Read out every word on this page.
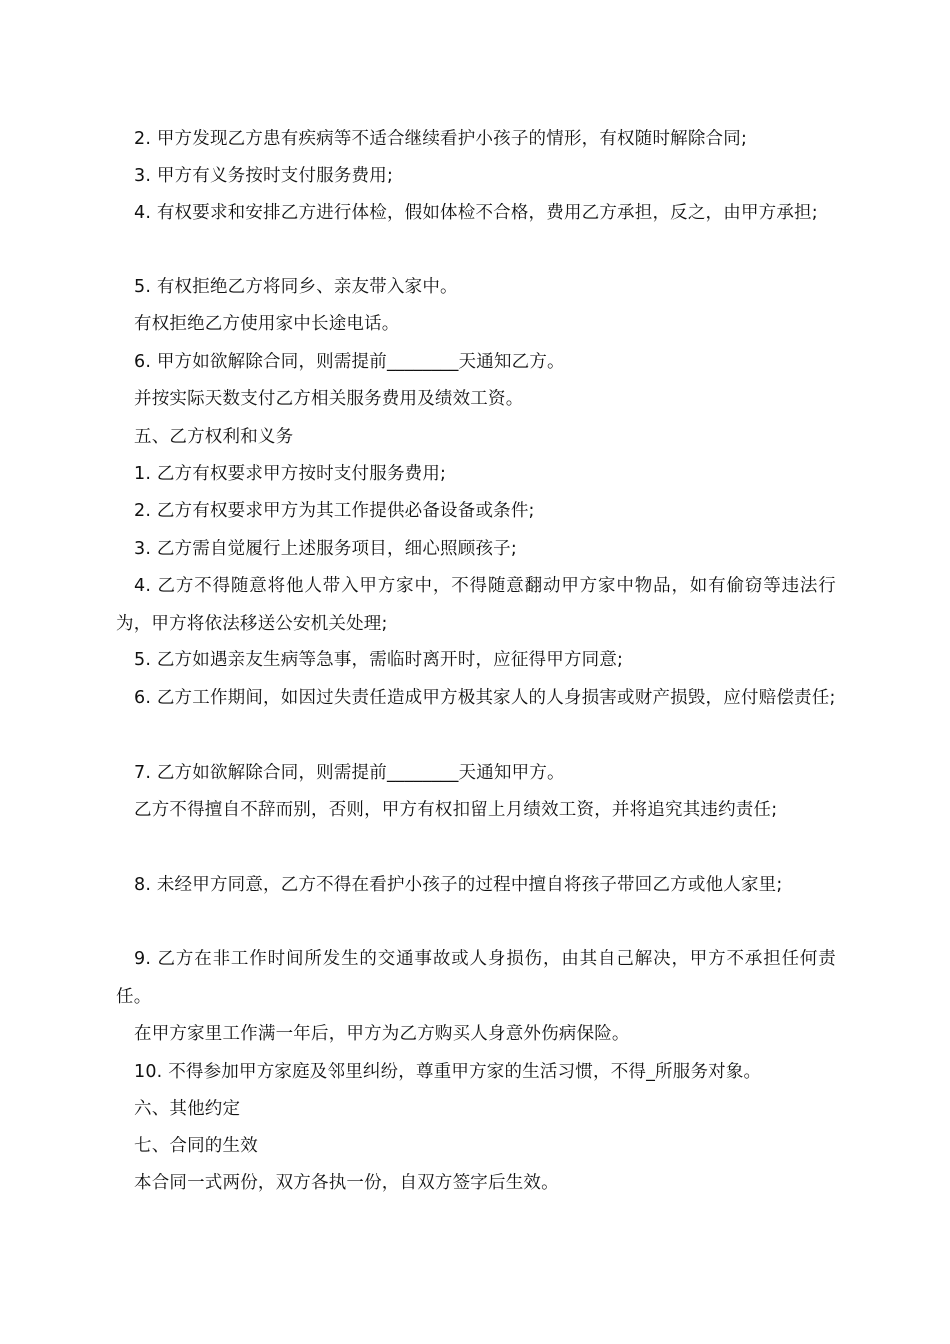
2. 甲方发现乙方患有疾病等不适合继续看护小孩子的情形，有权随时解除合同;

3. 甲方有义务按时支付服务费用;

4. 有权要求和安排乙方进行体检，假如体检不合格，费用乙方承担，反之，由甲方承担;

5. 有权拒绝乙方将同乡、亲友带入家中。

有权拒绝乙方使用家中长途电话。

6. 甲方如欲解除合同，则需提前________天通知乙方。

并按实际天数支付乙方相关服务费用及绩效工资。

五、乙方权利和义务

1. 乙方有权要求甲方按时支付服务费用;

2. 乙方有权要求甲方为其工作提供必备设备或条件;

3. 乙方需自觉履行上述服务项目，细心照顾孩子;

4. 乙方不得随意将他人带入甲方家中，不得随意翻动甲方家中物品，如有偷窃等违法行为，甲方将依法移送公安机关处理;

5. 乙方如遇亲友生病等急事，需临时离开时，应征得甲方同意;

6. 乙方工作期间，如因过失责任造成甲方极其家人的人身损害或财产损毁，应付赔偿责任;

7. 乙方如欲解除合同，则需提前________天通知甲方。

乙方不得擅自不辞而别，否则，甲方有权扣留上月绩效工资，并将追究其违约责任;

8. 未经甲方同意，乙方不得在看护小孩子的过程中擅自将孩子带回乙方或他人家里;

9. 乙方在非工作时间所发生的交通事故或人身损伤，由其自己解决，甲方不承担任何责任。

在甲方家里工作满一年后，甲方为乙方购买人身意外伤病保险。

10. 不得参加甲方家庭及邻里纠纷，尊重甲方家的生活习惯，不得_所服务对象。

六、其他约定

七、合同的生效

本合同一式两份，双方各执一份，自双方签字后生效。
